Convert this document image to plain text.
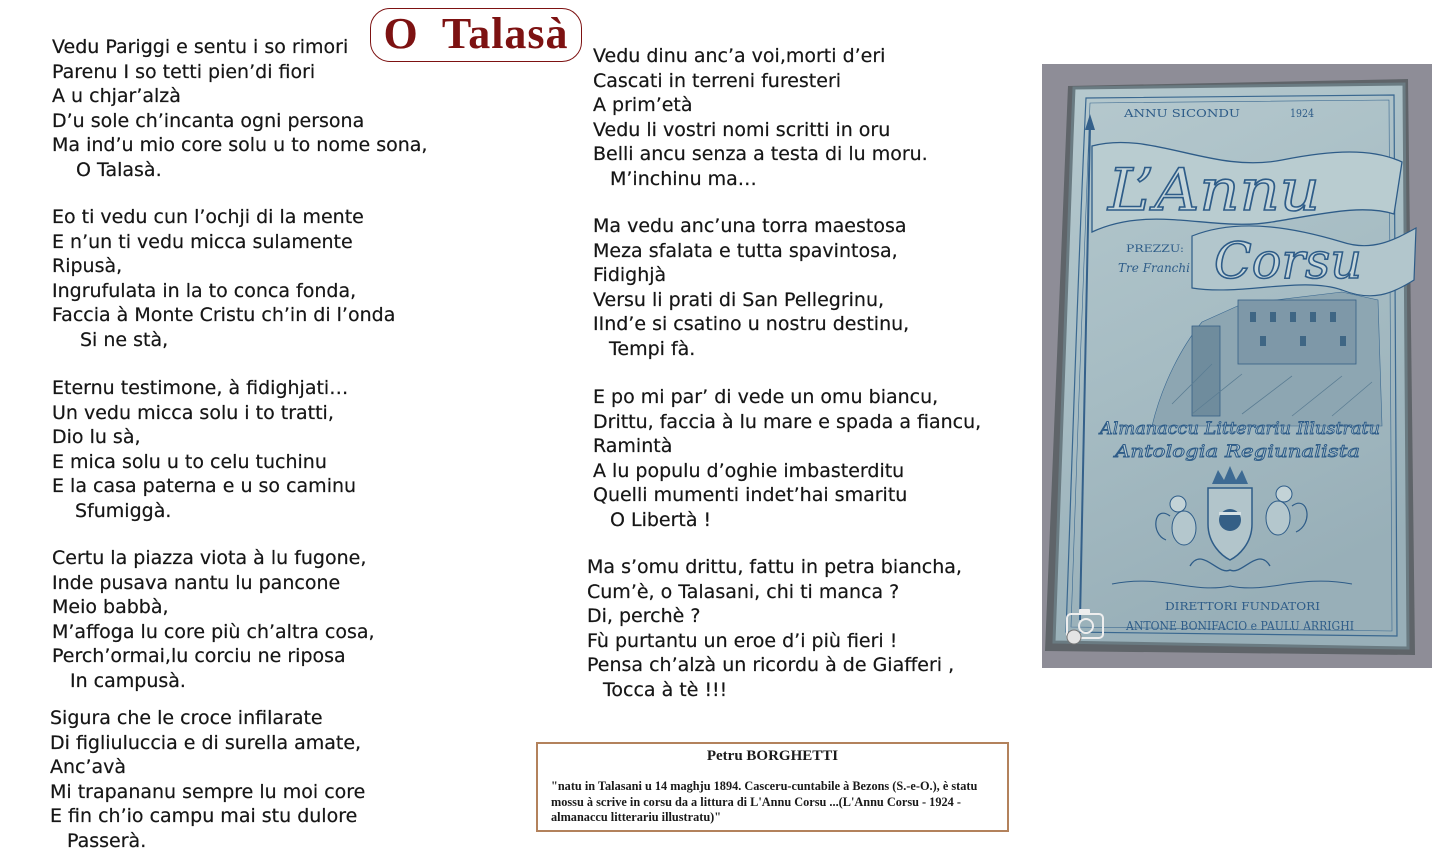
O  Talasà
Vedu Pariggi e sentu i so rimori
Parenu I so tetti pien’di fiori
A u chjar’alzà
D’u sole ch’incanta ogni persona
Ma ind’u mio core solu u to nome sona,
O Talasà.
Eo ti vedu cun l’ochji di la mente
E n’un ti vedu micca sulamente
Ripusà,
Ingrufulata in la to conca fonda,
Faccia à Monte Cristu ch’in di l’onda
Si ne stà,
Eternu testimone, à fidighjati…
Un vedu micca solu i to tratti,
Dio lu sà,
E mica solu u to celu tuchinu
E la casa paterna e u so caminu
Sfumiggà.
Certu la piazza viota à lu fugone,
Inde pusava nantu lu pancone
Meio babbà,
M’affoga lu core più ch’altra cosa,
Perch’ormai,lu corciu ne riposa
In campusà.
Sigura che le croce infilarate
Di figliuluccia e di surella amate,
Anc’avà
Mi trapananu sempre lu moi core
E fin ch’io campu mai stu dulore
Passerà.
Vedu dinu anc’a voi,morti d’eri
Cascati in terreni furesteri
A prim’età
Vedu li vostri nomi scritti in oru
Belli ancu senza a testa di lu moru.
M’inchinu ma…
Ma vedu anc’una torra maestosa
Meza sfalata e tutta spavintosa,
Fidighjà
Versu li prati di San Pellegrinu,
IInd’e si csatino u nostru destinu,
Tempi fà.
E po mi par’ di vede un omu biancu,
Drittu, faccia à lu mare e spada a fiancu,
Ramintà
A lu populu d’oghie imbasterditu
Quelli mumenti indet’hai smaritu
O Libertà !
Ma s’omu drittu, fattu in petra biancha,
Cum’è, o Talasani, chi ti manca ?
Di, perchè ?
Fù purtantu un eroe d’i più fieri !
Pensa ch’alzà un ricordu à de Giafferi ,
Tocca à tè !!!
Petru BORGHETTI
"natu in Talasani u 14 maghju 1894. Casceru-cuntabile à Bezons (S.-e-O.), è statu mossu à scrive in corsu da a littura di L'Annu Corsu ...(L'Annu Corsu - 1924 -almanaccu litterariu illustratu)"
ANNU SICONDU	1924
L’Annu
Corsu
PREZZU:
Tre Franchi
Almanaccu Litterariu Illustratu
Antologia Regiunalista
DIRETTORI FUNDATORI
ANTONE BONIFACIO e PAULU ARRIGHI
